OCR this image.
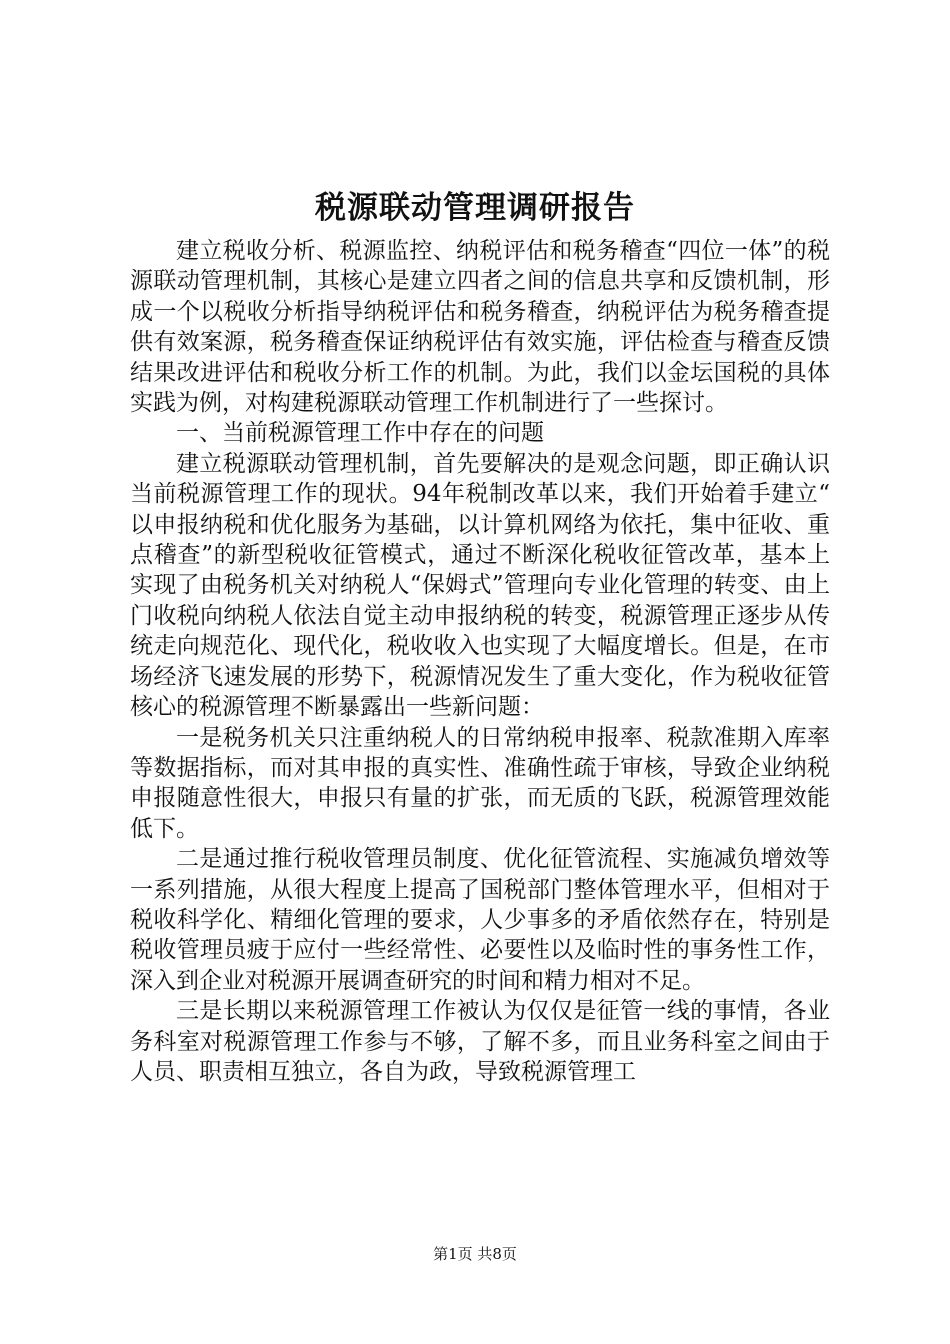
税源联动管理调研报告

建立税收分析、税源监控、纳税评估和税务稽查“四位一体”的税源联动管理机制，其核心是建立四者之间的信息共享和反馈机制，形成一个以税收分析指导纳税评估和税务稽查，纳税评估为税务稽查提供有效案源，税务稽查保证纳税评估有效实施，评估检查与稽查反馈结果改进评估和税收分析工作的机制。为此，我们以金坛国税的具体实践为例，对构建税源联动管理工作机制进行了一些探讨。

一、当前税源管理工作中存在的问题

建立税源联动管理机制，首先要解决的是观念问题，即正确认识当前税源管理工作的现状。94年税制改革以来，我们开始着手建立“以申报纳税和优化服务为基础，以计算机网络为依托，集中征收、重点稽查”的新型税收征管模式，通过不断深化税收征管改革，基本上实现了由税务机关对纳税人“保姆式”管理向专业化管理的转变、由上门收税向纳税人依法自觉主动申报纳税的转变，税源管理正逐步从传统走向规范化、现代化，税收收入也实现了大幅度增长。但是，在市场经济飞速发展的形势下，税源情况发生了重大变化，作为税收征管核心的税源管理不断暴露出一些新问题：

一是税务机关只注重纳税人的日常纳税申报率、税款准期入库率等数据指标，而对其申报的真实性、准确性疏于审核，导致企业纳税申报随意性很大，申报只有量的扩张，而无质的飞跃，税源管理效能低下。

二是通过推行税收管理员制度、优化征管流程、实施减负增效等一系列措施，从很大程度上提高了国税部门整体管理水平，但相对于税收科学化、精细化管理的要求，人少事多的矛盾依然存在，特别是税收管理员疲于应付一些经常性、必要性以及临时性的事务性工作，深入到企业对税源开展调查研究的时间和精力相对不足。

三是长期以来税源管理工作被认为仅仅是征管一线的事情，各业务科室对税源管理工作参与不够，了解不多，而且业务科室之间由于人员、职责相互独立，各自为政，导致税源管理工

第1页 共8页
